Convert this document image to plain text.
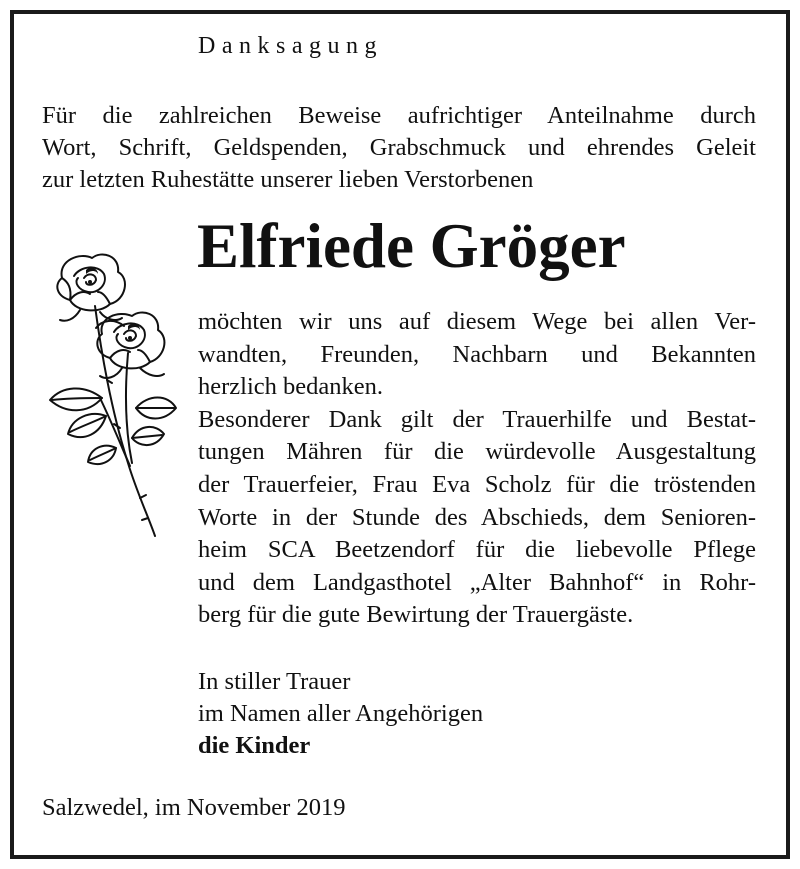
Danksagung
Für die zahlreichen Beweise aufrichtiger Anteilnahme durch
Wort, Schrift, Geldspenden, Grabschmuck und ehrendes Geleit
zur letzten Ruhestätte unserer lieben Verstorbenen
Elfriede Gröger
möchten wir uns auf diesem Wege bei allen Ver-
wandten, Freunden, Nachbarn und Bekannten
herzlich bedanken.
Besonderer Dank gilt der Trauerhilfe und Bestat-
tungen Mähren für die würdevolle Ausgestaltung
der Trauerfeier, Frau Eva Scholz für die tröstenden
Worte in der Stunde des Abschieds, dem Senioren-
heim SCA Beetzendorf für die liebevolle Pflege
und dem Landgasthotel „Alter Bahnhof“ in Rohr-
berg für die gute Bewirtung der Trauergäste.
In stiller Trauer
im Namen aller Angehörigen
die Kinder
Salzwedel, im November 2019
